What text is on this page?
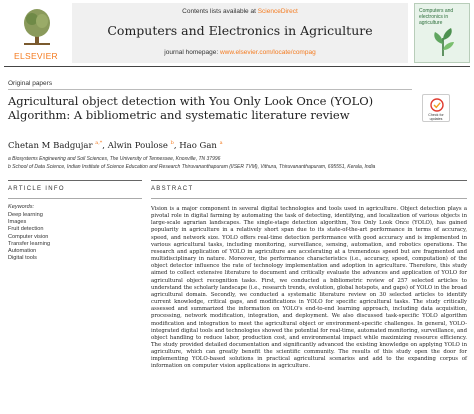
ELSEVIER
Contents lists available at ScienceDirect
Computers and Electronics in Agriculture
journal homepage: www.elsevier.com/locate/compag
Computers and electronics in agriculture
Original papers
Agricultural object detection with You Only Look Once (YOLO) Algorithm: A bibliometric and systematic literature review	Check for updates
Chetan M Badgujar $^{a,*}$, Alwin Poulose $^b$, Hao Gan $^a$
a Biosystems Engineering and Soil Sciences, The University of Tennessee, Knoxville, TN 37996
b School of Data Science, Indian Institute of Science Education and Research Thiruvananthapuram (IISER TVM), Vithura, Thiruvananthapuram, 695551, Kerala, India
ARTICLE INFO	ABSTRACT
Keywords:
Deep learning
Images
Fruit detection
Computer vision
Transfer learning
Automation
Digital tools
Vision is a major component in several digital technologies and tools used in agriculture. Object detection plays a pivotal role in digital farming by automating the task of detecting, identifying, and localization of various objects in large-scale agrarian landscapes. The single-stage detection algorithm, You Only Look Once (YOLO), has gained popularity in agriculture in a relatively short span due to its state-of-the-art performance in terms of accuracy, speed, and network size. YOLO offers real-time detection performance with good accuracy and is implemented in various agricultural tasks, including monitoring, surveillance, sensing, automation, and robotics operations. The research and application of YOLO in agriculture are accelerating at a tremendous speed but are fragmented and multidisciplinary in nature. Moreover, the performance characteristics (i.e., accuracy, speed, computation) of the object detector influence the rate of technology implementation and adoption in agriculture. Therefore, this study aimed to collect extensive literature to document and critically evaluate the advances and application of YOLO for agricultural object recognition tasks. First, we conducted a bibliometric review of 257 selected articles to understand the scholarly landscape (i.e., research trends, evolution, global hotspots, and gaps) of YOLO in the broad agricultural domain. Secondly, we conducted a systematic literature review on 30 selected articles to identify current knowledge, critical gaps, and modifications in YOLO for specific agricultural tasks. The study critically assessed and summarized the information on YOLO's end-to-end learning approach, including data acquisition, processing, network modification, integration, and deployment. We also discussed task-specific YOLO algorithm modification and integration to meet the agricultural object or environment-specific challenges. In general, YOLO-integrated digital tools and technologies showed the potential for real-time, automated monitoring, surveillance, and object handling to reduce labor, production cost, and environmental impact while maximizing resource efficiency. The study provided detailed documentation and significantly advanced the existing knowledge on applying YOLO in agriculture, which can greatly benefit the scientific community. The results of this study open the door for implementing YOLO-based solutions in practical agricultural scenarios and add to the expanding corpus of information on computer vision applications in agriculture.
